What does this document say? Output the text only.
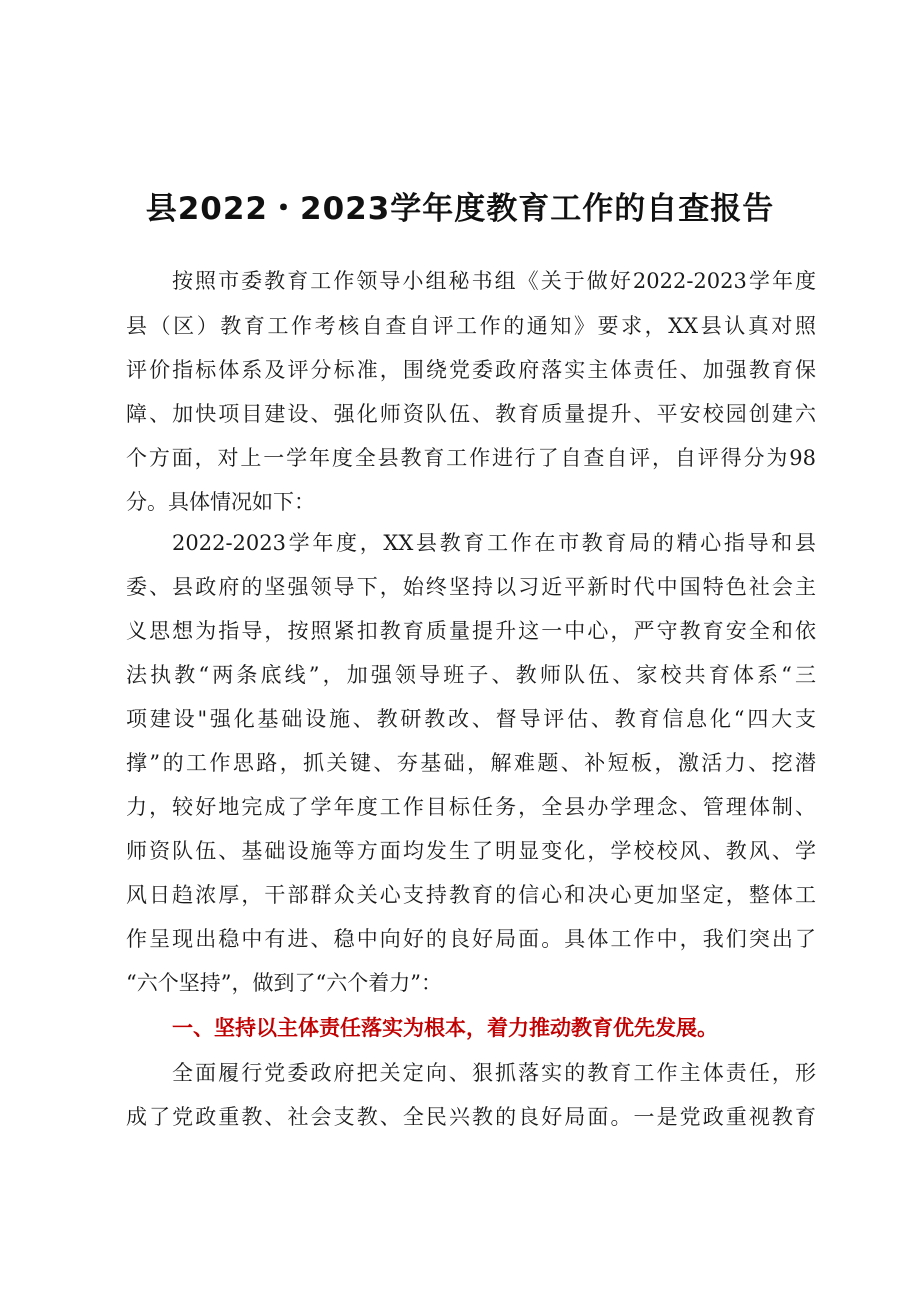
县2022・2023学年度教育工作的自查报告
按照市委教育工作领导小组秘书组《关于做好2022-2023学年度
县（区）教育工作考核自查自评工作的通知》要求，XX县认真对照
评价指标体系及评分标准，围绕党委政府落实主体责任、加强教育保
障、加快项目建设、强化师资队伍、教育质量提升、平安校园创建六
个方面，对上一学年度全县教育工作进行了自查自评，自评得分为98
分。具体情况如下：
2022-2023学年度，XX县教育工作在市教育局的精心指导和县
委、县政府的坚强领导下，始终坚持以习近平新时代中国特色社会主
义思想为指导，按照紧扣教育质量提升这一中心，严守教育安全和依
法执教“两条底线”，加强领导班子、教师队伍、家校共育体系“三
项建设"强化基础设施、教研教改、督导评估、教育信息化“四大支
撑”的工作思路，抓关键、夯基础，解难题、补短板，激活力、挖潜
力，较好地完成了学年度工作目标任务，全县办学理念、管理体制、
师资队伍、基础设施等方面均发生了明显变化，学校校风、教风、学
风日趋浓厚，干部群众关心支持教育的信心和决心更加坚定，整体工
作呈现出稳中有进、稳中向好的良好局面。具体工作中，我们突出了
“六个坚持”，做到了“六个着力”：
一、坚持以主体责任落实为根本，着力推动教育优先发展。
全面履行党委政府把关定向、狠抓落实的教育工作主体责任，形
成了党政重教、社会支教、全民兴教的良好局面。一是党政重视教育
